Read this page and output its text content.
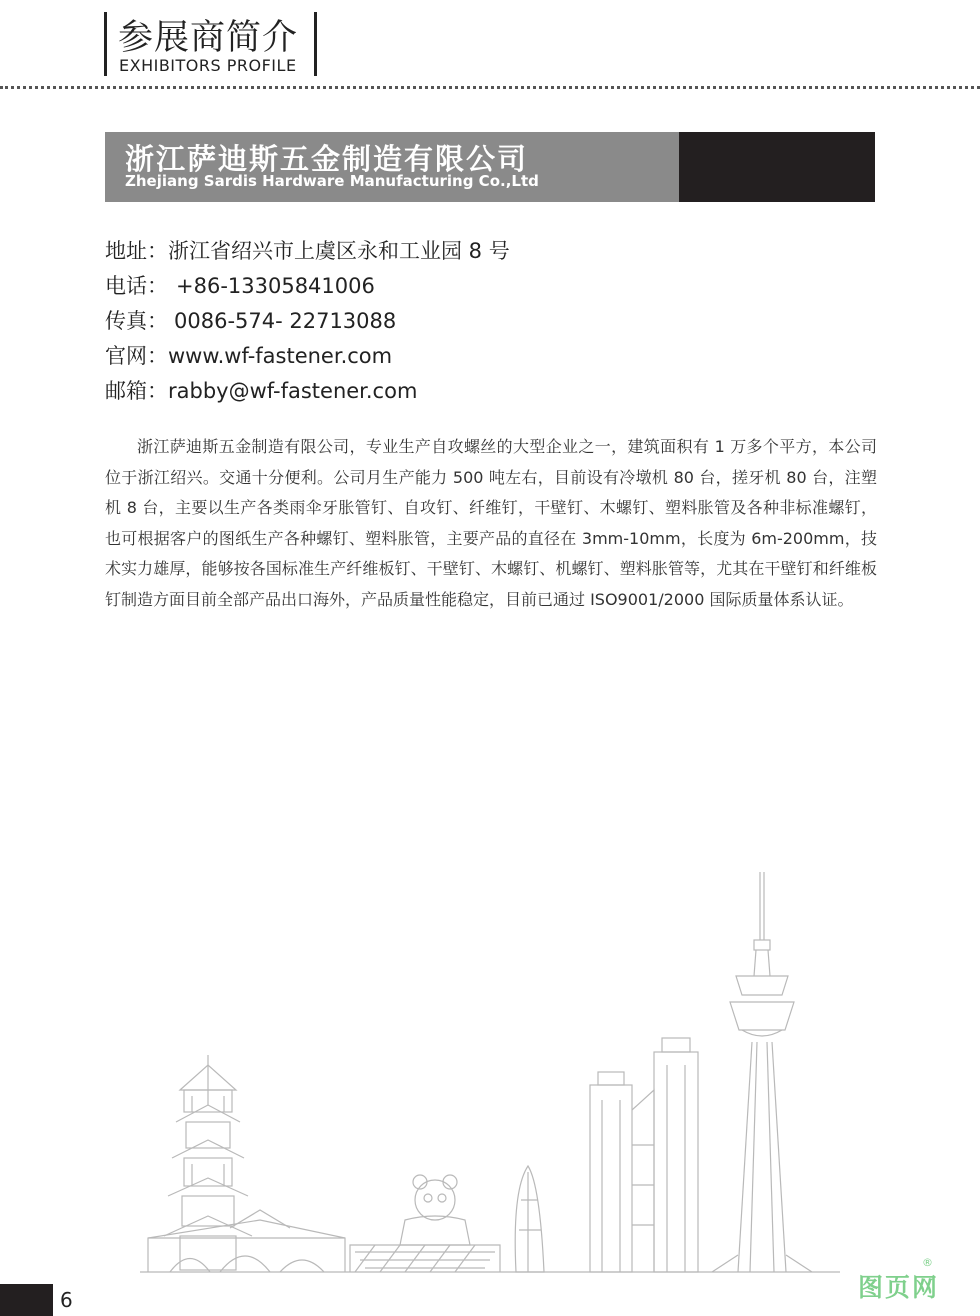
参展商简介
EXHIBITORS PROFILE
浙江萨迪斯五金制造有限公司
Zhejiang Sardis Hardware Manufacturing Co.,Ltd
地址：浙江省绍兴市上虞区永和工业园 8 号
电话： +86-13305841006
传真： 0086-574- 22713088
官网：www.wf-fastener.com
邮箱：rabby@wf-fastener.com

浙江萨迪斯五金制造有限公司，专业生产自攻螺丝的大型企业之一，建筑面积有 1 万多个平方，本公司位于浙江绍兴。交通十分便利。公司月生产能力 500 吨左右，目前设有冷墩机 80 台，搓牙机 80 台，注塑机 8 台，主要以生产各类雨伞牙胀管钉、自攻钉、纤维钉，干壁钉、木螺钉、塑料胀管及各种非标准螺钉，也可根据客户的图纸生产各种螺钉、塑料胀管，主要产品的直径在 3mm-10mm，长度为 6m-200mm，技术实力雄厚，能够按各国标准生产纤维板钉、干壁钉、木螺钉、机螺钉、塑料胀管等，尤其在干壁钉和纤维板钉制造方面目前全部产品出口海外，产品质量性能稳定，目前已通过 ISO9001/2000 国际质量体系认证。

6	图页网
®
